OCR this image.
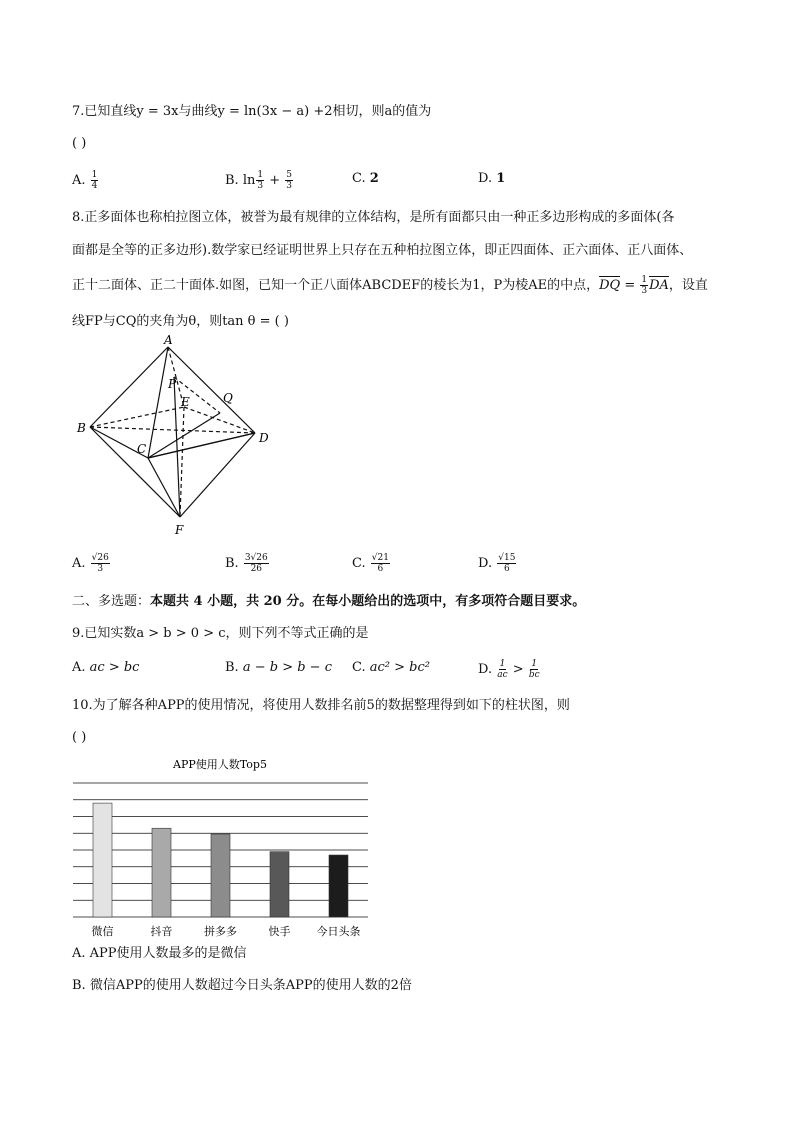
7.已知直线y = 3x与曲线y = ln(3x − a) +2相切，则a的值为
( )
A. $\frac{1}{4}$	B. $\ln \frac{1}{3} + \frac{5}{3}$	C. 2	D. 1
8.正多面体也称柏拉图立体，被誉为最有规律的立体结构，是所有面都只由一种正多边形构成的多面体(各
面都是全等的正多边形).数学家已经证明世界上只存在五种柏拉图立体，即正四面体、正六面体、正八面体、
正十二面体、正二十面体.如图，已知一个正八面体ABCDEF的棱长为1，P为棱AE的中点，DQ = $\frac{1}{3}$ DA，设直
线FP与CQ的夹角为θ，则tan θ = ( )
A
B
C
D
E
F
P
Q
A. $\frac{√26}{3}$	B. $\frac{3√26}{26}$	C. $\frac{√21}{6}$	D. $\frac{√15}{6}$
二、多选题：本题共 4 小题，共 20 分。在每小题给出的选项中，有多项符合题目要求。
9.已知实数a > b > 0 > c，则下列不等式正确的是
A. ac > bc	B. a − b > b − c C. ac² > bc²	D. $\frac{1}{ac} > \frac{1}{bc}$
10.为了解各种APP的使用情况，将使用人数排名前5的数据整理得到如下的柱状图，则
( )
APP使用人数Top5
微信	抖音	拼多多	快手 今日头条
A. APP使用人数最多的是微信
B. 微信APP的使用人数超过今日头条APP的使用人数的2倍
